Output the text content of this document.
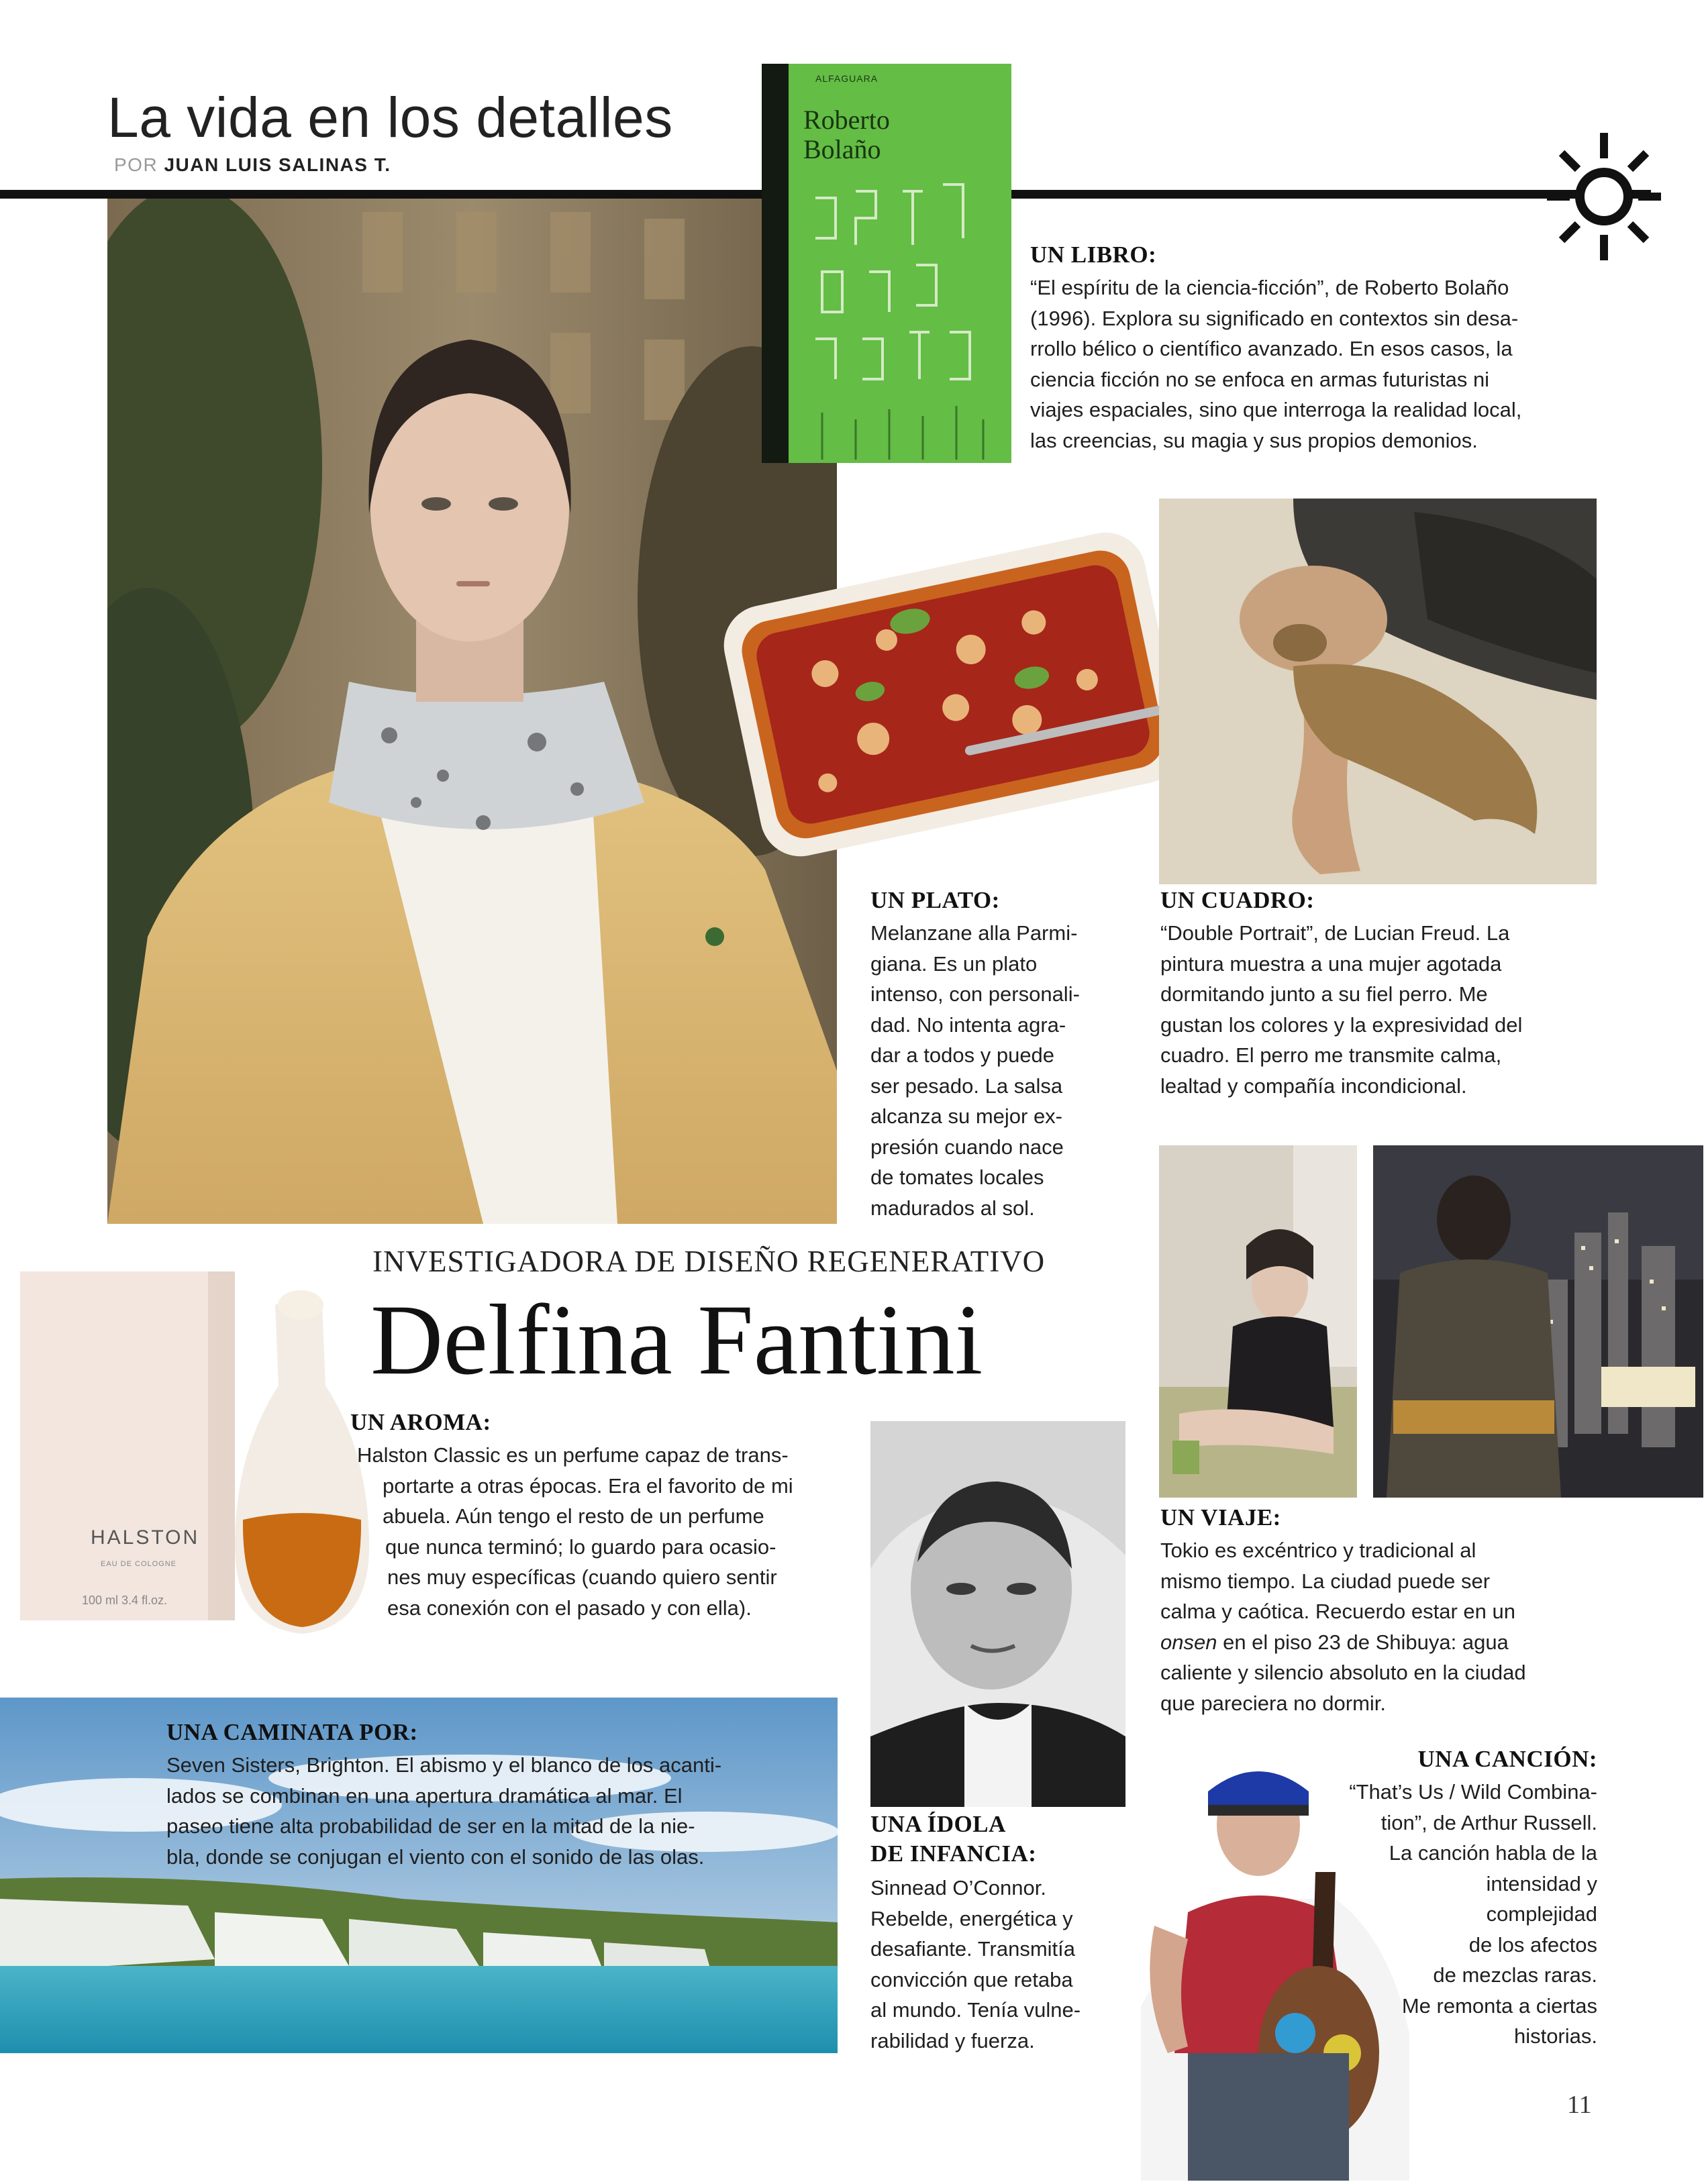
La vida en los detalles
POR JUAN LUIS SALINAS T.
ALFAGUARA
Roberto Bolaño

UN LIBRO:

“El espíritu de la ciencia-ficción”, de Roberto Bolaño
(1996). Explora su significado en contextos sin desa-
rrollo bélico o científico avanzado. En esos casos, la
ciencia ficción no se enfoca en armas futuristas ni
viajes espaciales, sino que interroga la realidad local,
las creencias, su magia y sus propios demonios.

UN PLATO:

Melanzane alla Parmi-
giana. Es un plato
intenso, con personali-
dad. No intenta agra-
dar a todos y puede
ser pesado. La salsa
alcanza su mejor ex-
presión cuando nace
de tomates locales
madurados al sol.

UN CUADRO:

“Double Portrait”, de Lucian Freud. La
pintura muestra a una mujer agotada
dormitando junto a su fiel perro. Me
gustan los colores y la expresividad del
cuadro. El perro me transmite calma,
lealtad y compañía incondicional.

INVESTIGADORA DE DISEÑO REGENERATIVO
Delfina Fantini
HALSTON
EAU DE COLOGNE
100 ml 3.4 fl.oz.

UN AROMA:

Halston Classic es un perfume capaz de trans-
portarte a otras épocas. Era el favorito de mi
abuela. Aún tengo el resto de un perfume
que nunca terminó; lo guardo para ocasio-
nes muy específicas (cuando quiero sentir
esa conexión con el pasado y con ella).

UN VIAJE:

Tokio es excéntrico y tradicional al
mismo tiempo. La ciudad puede ser
calma y caótica. Recuerdo estar en un
onsen en el piso 23 de Shibuya: agua
caliente y silencio absoluto en la ciudad
que pareciera no dormir.

UNA CAMINATA POR:

Seven Sisters, Brighton. El abismo y el blanco de los acanti-
lados se combinan en una apertura dramática al mar. El
paseo tiene alta probabilidad de ser en la mitad de la nie-
bla, donde se conjugan el viento con el sonido de las olas.

UNA ÍDOLA
DE INFANCIA:

Sinnead O’Connor.
Rebelde, energética y
desafiante. Transmitía
convicción que retaba
al mundo. Tenía vulne-
rabilidad y fuerza.

UNA CANCIÓN:

“That’s Us / Wild Combina-
tion”, de Arthur Russell.
La canción habla de la
intensidad y
complejidad
de los afectos
de mezclas raras.
Me remonta a ciertas
historias.

11
